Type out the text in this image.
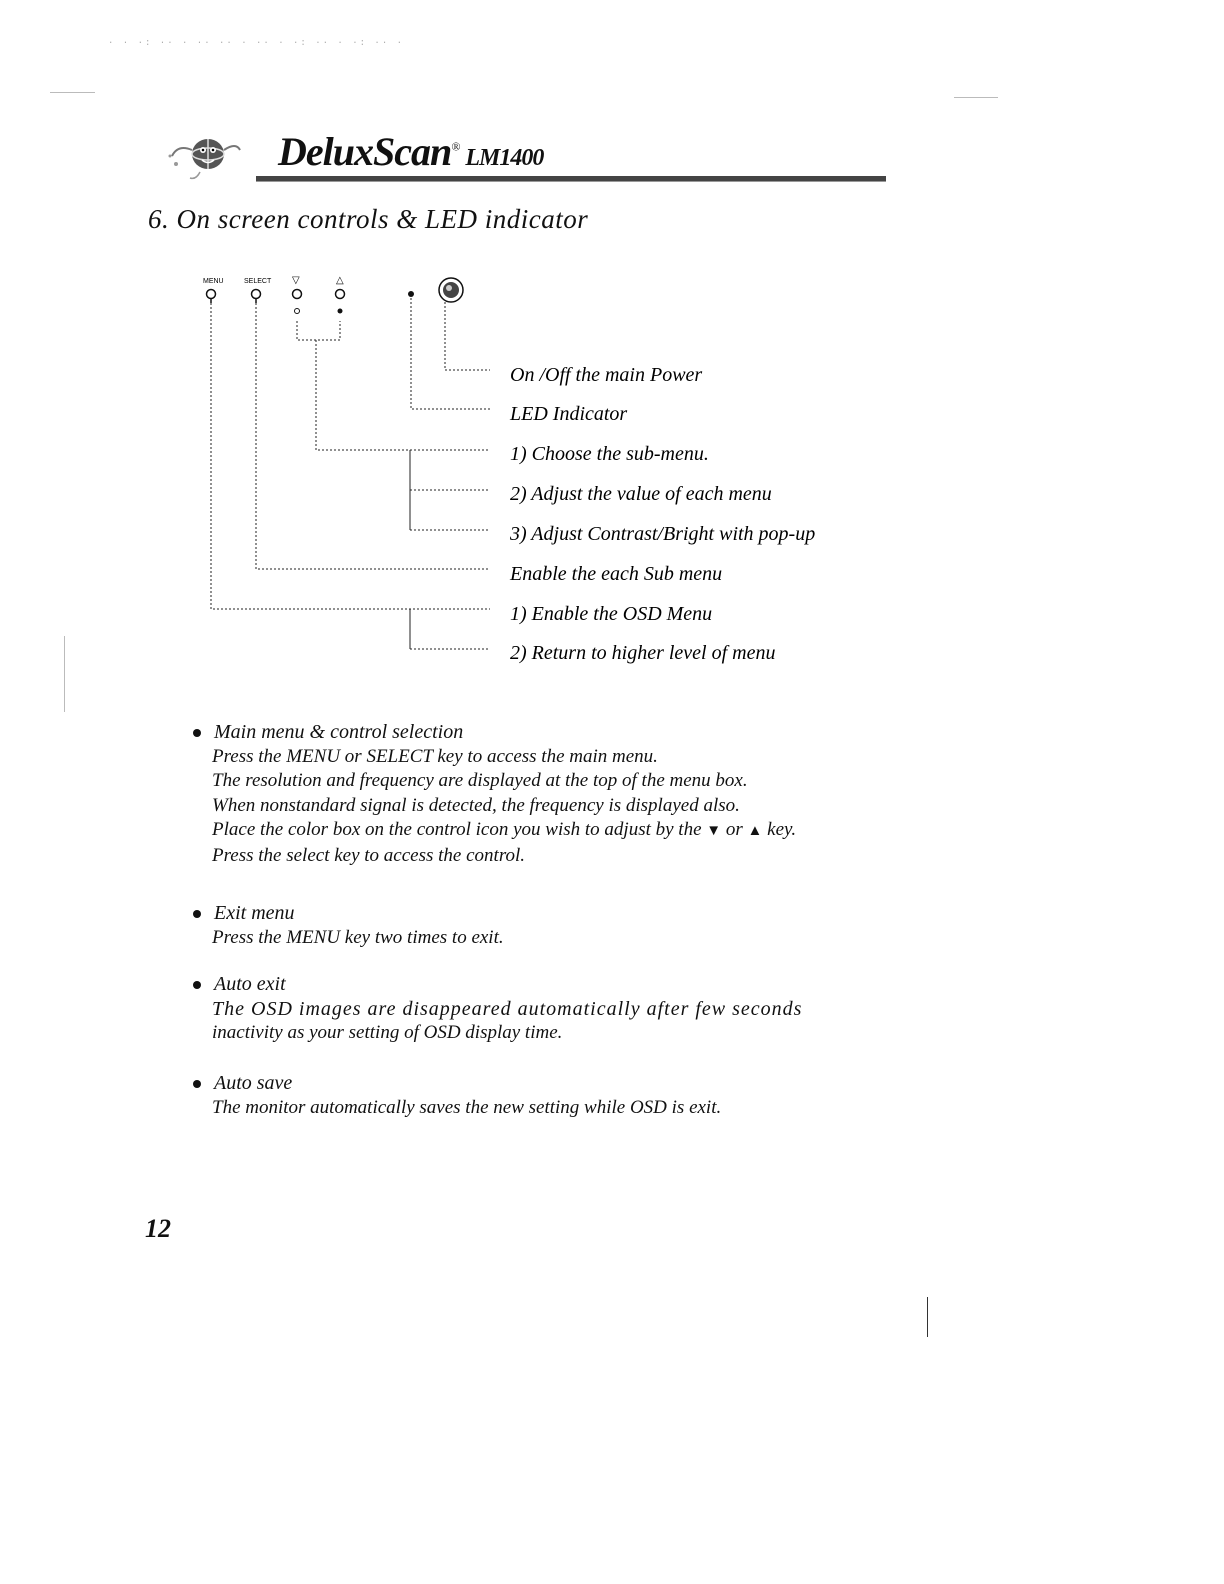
· · ·: ·· · ·· ·· · ·· · ·: ·· · ·: ·· ·
DeluxScan® LM1400
6. On screen controls & LED indicator
MENU	SELECT ▽	△
On /Off the main Power
LED Indicator
1) Choose the sub-menu.
2) Adjust the value of each menu
3) Adjust Contrast/Bright with pop-up
Enable the each Sub menu
1) Enable the OSD Menu
2) Return to higher level of menu
Main menu & control selection
Press the MENU or SELECT key to access the main menu.
The resolution and frequency are displayed at the top of the menu box.
When nonstandard signal is detected, the frequency is displayed also.
Place the color box on the control icon you wish to adjust by the ▼ or ▲ key.
Press the select key to access the control.
Exit menu
Press the MENU key two times to exit.
Auto exit
The OSD images are disappeared automatically after few seconds
inactivity as your setting of OSD display time.
Auto save
The monitor automatically saves the new setting while OSD is exit.
12
